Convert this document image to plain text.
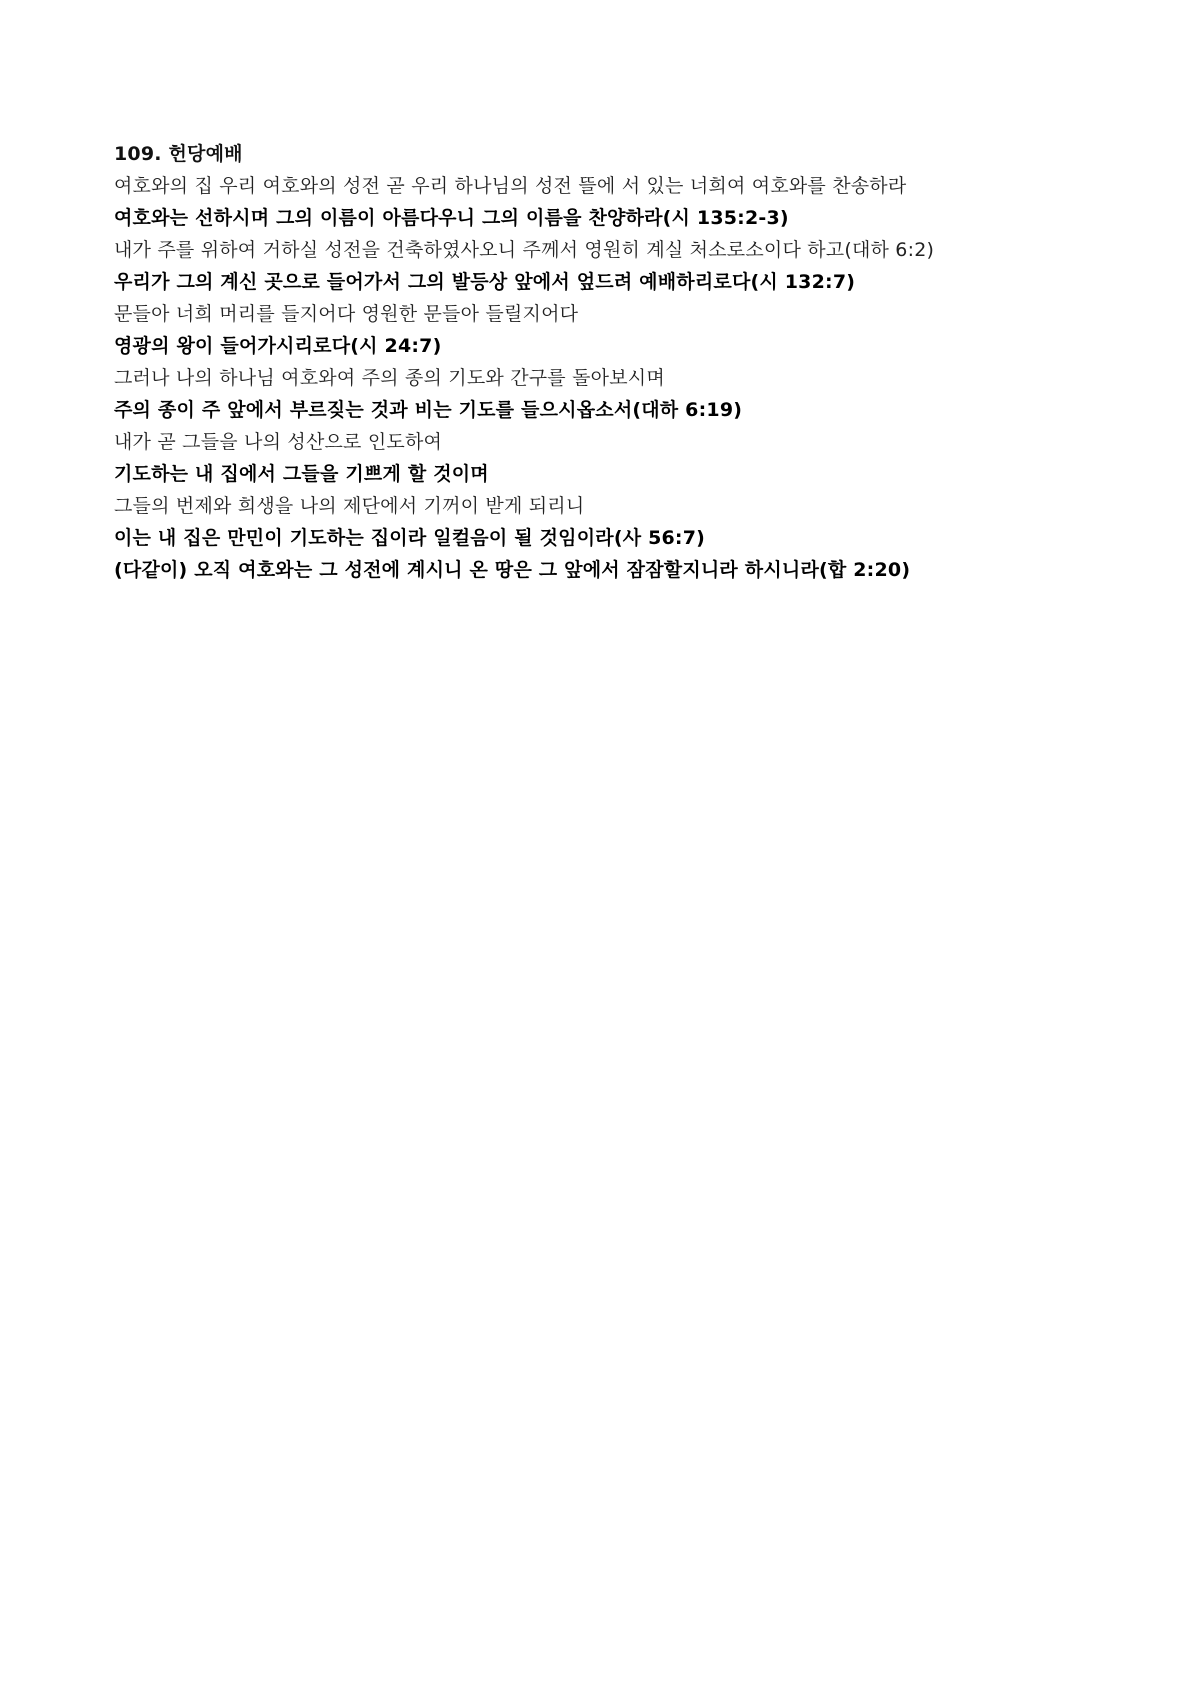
109. 헌당예배
여호와의 집 우리 여호와의 성전 곧 우리 하나님의 성전 뜰에 서 있는 너희여 여호와를 찬송하라
여호와는 선하시며 그의 이름이 아름다우니 그의 이름을 찬양하라(시 135:2-3)
내가 주를 위하여 거하실 성전을 건축하였사오니 주께서 영원히 계실 처소로소이다 하고(대하 6:2)
우리가 그의 계신 곳으로 들어가서 그의 발등상 앞에서 엎드려 예배하리로다(시 132:7)
문들아 너희 머리를 들지어다 영원한 문들아 들릴지어다
영광의 왕이 들어가시리로다(시 24:7)
그러나 나의 하나님 여호와여 주의 종의 기도와 간구를 돌아보시며
주의 종이 주 앞에서 부르짖는 것과 비는 기도를 들으시옵소서(대하 6:19)
내가 곧 그들을 나의 성산으로 인도하여
기도하는 내 집에서 그들을 기쁘게 할 것이며
그들의 번제와 희생을 나의 제단에서 기꺼이 받게 되리니
이는 내 집은 만민이 기도하는 집이라 일컬음이 될 것임이라(사 56:7)
(다같이) 오직 여호와는 그 성전에 계시니 온 땅은 그 앞에서 잠잠할지니라 하시니라(합 2:20)
